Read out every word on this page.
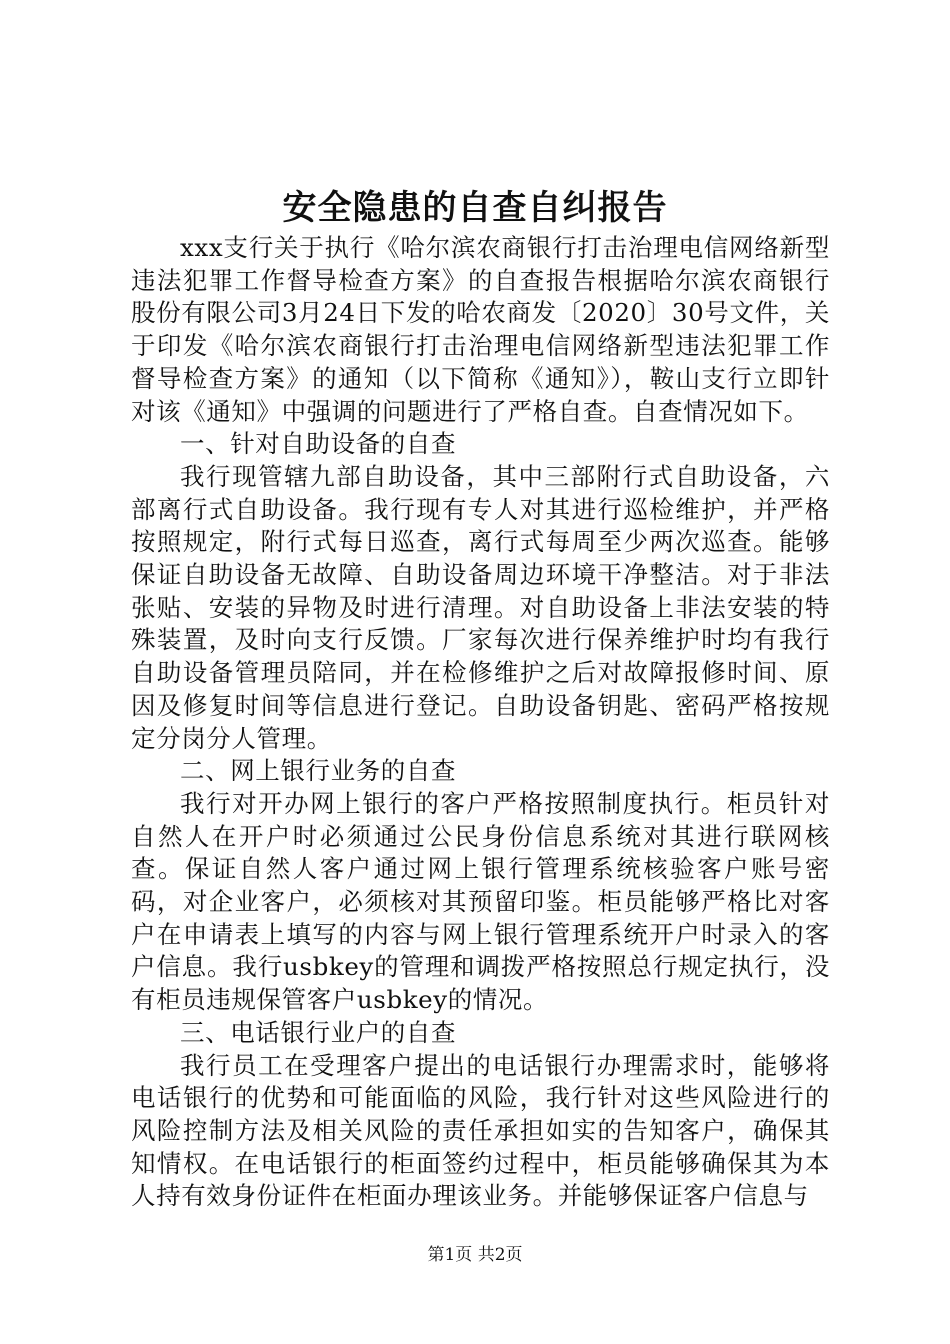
安全隐患的自查自纠报告

xxx支行关于执行《哈尔滨农商银行打击治理电信网络新型违法犯罪工作督导检查方案》的自查报告根据哈尔滨农商银行股份有限公司3月24日下发的哈农商发〔2020〕30号文件，关于印发《哈尔滨农商银行打击治理电信网络新型违法犯罪工作督导检查方案》的通知（以下简称《通知》），鞍山支行立即针对该《通知》中强调的问题进行了严格自查。自查情况如下。

一、针对自助设备的自查

我行现管辖九部自助设备，其中三部附行式自助设备，六部离行式自助设备。我行现有专人对其进行巡检维护，并严格按照规定，附行式每日巡查，离行式每周至少两次巡查。能够保证自助设备无故障、自助设备周边环境干净整洁。对于非法张贴、安装的异物及时进行清理。对自助设备上非法安装的特殊装置，及时向支行反馈。厂家每次进行保养维护时均有我行自助设备管理员陪同，并在检修维护之后对故障报修时间、原因及修复时间等信息进行登记。自助设备钥匙、密码严格按规定分岗分人管理。

二、网上银行业务的自查

我行对开办网上银行的客户严格按照制度执行。柜员针对自然人在开户时必须通过公民身份信息系统对其进行联网核查。保证自然人客户通过网上银行管理系统核验客户账号密码，对企业客户，必须核对其预留印鉴。柜员能够严格比对客户在申请表上填写的内容与网上银行管理系统开户时录入的客户信息。我行usbkey的管理和调拨严格按照总行规定执行，没有柜员违规保管客户usbkey的情况。

三、电话银行业户的自查

我行员工在受理客户提出的电话银行办理需求时，能够将电话银行的优势和可能面临的风险，我行针对这些风险进行的风险控制方法及相关风险的责任承担如实的告知客户，确保其知情权。在电话银行的柜面签约过程中，柜员能够确保其为本人持有效身份证件在柜面办理该业务。并能够保证客户信息与

第1页 共2页
